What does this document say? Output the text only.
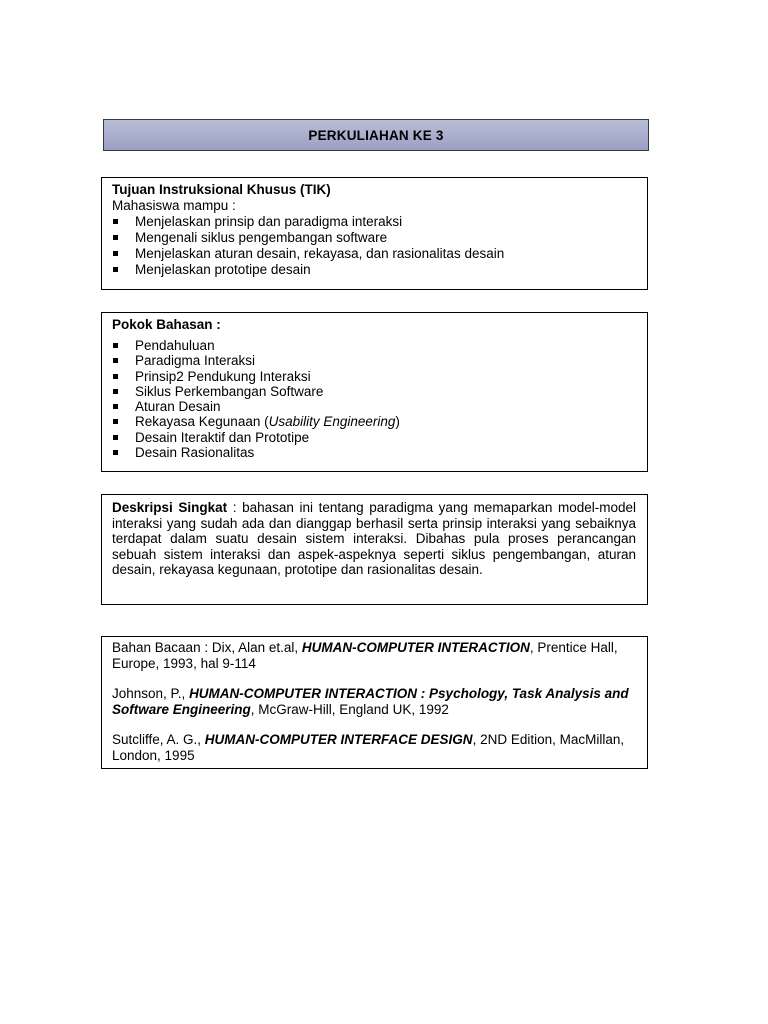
PERKULIAHAN KE 3
Tujuan Instruksional Khusus (TIK)
Mahasiswa mampu :
Menjelaskan prinsip dan paradigma interaksi
Mengenali siklus pengembangan software
Menjelaskan aturan desain, rekayasa, dan rasionalitas desain
Menjelaskan prototipe desain
Pokok Bahasan :
Pendahuluan
Paradigma Interaksi
Prinsip2 Pendukung Interaksi
Siklus Perkembangan Software
Aturan Desain
Rekayasa Kegunaan (Usability Engineering)
Desain Iteraktif dan Prototipe
Desain Rasionalitas
Deskripsi Singkat : bahasan ini tentang paradigma yang memaparkan model-model interaksi yang sudah ada dan dianggap berhasil serta prinsip interaksi yang sebaiknya terdapat dalam suatu desain sistem interaksi. Dibahas pula proses perancangan sebuah sistem interaksi dan aspek-aspeknya seperti siklus pengembangan, aturan desain, rekayasa kegunaan, prototipe dan rasionalitas desain.

Bahan Bacaan : Dix, Alan et.al, HUMAN-COMPUTER INTERACTION, Prentice Hall, Europe, 1993, hal 9-114

Johnson, P., HUMAN-COMPUTER INTERACTION : Psychology, Task Analysis and Software Engineering, McGraw-Hill, England UK, 1992

Sutcliffe, A. G., HUMAN-COMPUTER INTERFACE DESIGN, 2ND Edition, MacMillan, London, 1995
